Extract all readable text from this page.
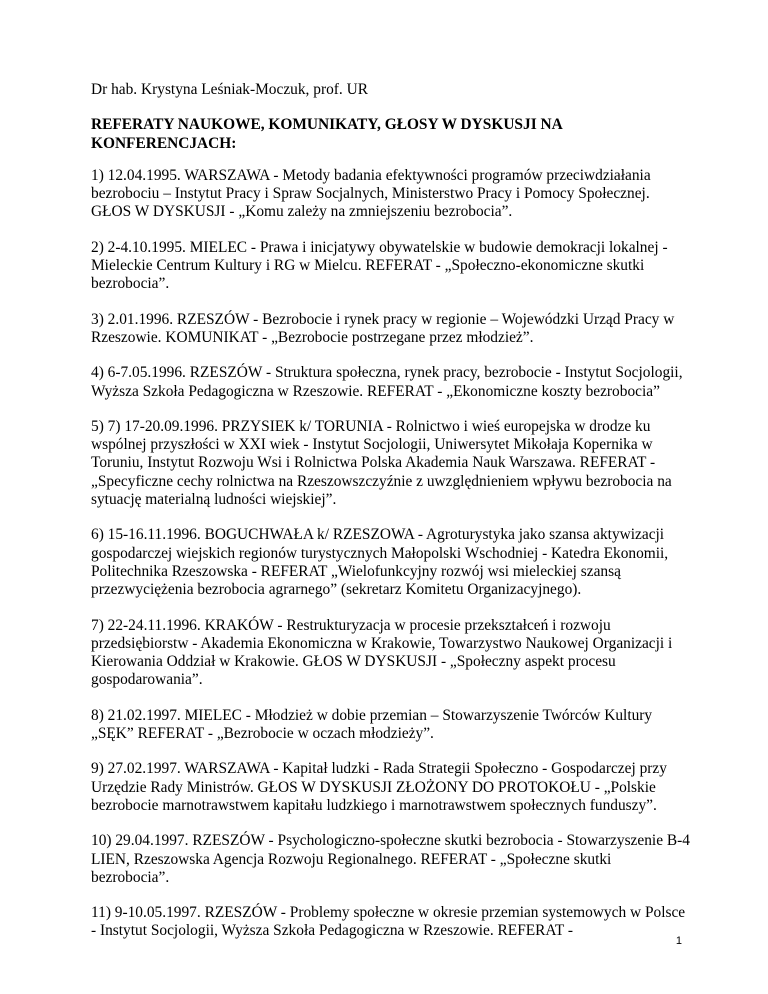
Dr hab. Krystyna Leśniak-Moczuk, prof. UR

REFERATY NAUKOWE, KOMUNIKATY, GŁOSY W DYSKUSJI NA KONFERENCJACH:

1) 12.04.1995. WARSZAWA - Metody badania efektywności programów przeciwdziałania bezrobociu – Instytut Pracy i Spraw Socjalnych, Ministerstwo Pracy i Pomocy Społecznej. GŁOS W DYSKUSJI - „Komu zależy na zmniejszeniu bezrobocia”.

2) 2-4.10.1995. MIELEC - Prawa i inicjatywy obywatelskie w budowie demokracji lokalnej - Mieleckie Centrum Kultury i RG w Mielcu. REFERAT - „Społeczno-ekonomiczne skutki bezrobocia”.

3) 2.01.1996. RZESZÓW - Bezrobocie i rynek pracy w regionie – Wojewódzki Urząd Pracy w Rzeszowie. KOMUNIKAT - „Bezrobocie postrzegane przez młodzież”.

4) 6-7.05.1996. RZESZÓW - Struktura społeczna, rynek pracy, bezrobocie - Instytut Socjologii, Wyższa Szkoła Pedagogiczna w Rzeszowie. REFERAT - „Ekonomiczne koszty bezrobocia”

5) 7) 17-20.09.1996. PRZYSIEK k/ TORUNIA - Rolnictwo i wieś europejska w drodze ku wspólnej przyszłości w XXI wiek - Instytut Socjologii, Uniwersytet Mikołaja Kopernika w Toruniu, Instytut Rozwoju Wsi i Rolnictwa Polska Akademia Nauk Warszawa. REFERAT - „Specyficzne cechy rolnictwa na Rzeszowszczyźnie z uwzględnieniem wpływu bezrobocia na sytuację materialną ludności wiejskiej”.

6) 15-16.11.1996. BOGUCHWAŁA k/ RZESZOWA - Agroturystyka jako szansa aktywizacji gospodarczej wiejskich regionów turystycznych Małopolski Wschodniej - Katedra Ekonomii, Politechnika Rzeszowska - REFERAT „Wielofunkcyjny rozwój wsi mieleckiej szansą przezwyciężenia bezrobocia agrarnego” (sekretarz Komitetu Organizacyjnego).

7) 22-24.11.1996. KRAKÓW - Restrukturyzacja w procesie przekształceń i rozwoju przedsiębiorstw - Akademia Ekonomiczna w Krakowie, Towarzystwo Naukowej Organizacji i Kierowania Oddział w Krakowie. GŁOS W DYSKUSJI - „Społeczny aspekt procesu gospodarowania”.

8) 21.02.1997. MIELEC - Młodzież w dobie przemian – Stowarzyszenie Twórców Kultury „SĘK” REFERAT - „Bezrobocie w oczach młodzieży”.

9) 27.02.1997. WARSZAWA - Kapitał ludzki - Rada Strategii Społeczno - Gospodarczej przy Urzędzie Rady Ministrów. GŁOS W DYSKUSJI ZŁOŻONY DO PROTOKOŁU - „Polskie bezrobocie marnotrawstwem kapitału ludzkiego i marnotrawstwem społecznych funduszy”.

10) 29.04.1997. RZESZÓW - Psychologiczno-społeczne skutki bezrobocia - Stowarzyszenie B-4 LIEN, Rzeszowska Agencja Rozwoju Regionalnego. REFERAT - „Społeczne skutki bezrobocia”.

11) 9-10.05.1997. RZESZÓW - Problemy społeczne w okresie przemian systemowych w Polsce - Instytut Socjologii, Wyższa Szkoła Pedagogiczna w Rzeszowie. REFERAT -

1
